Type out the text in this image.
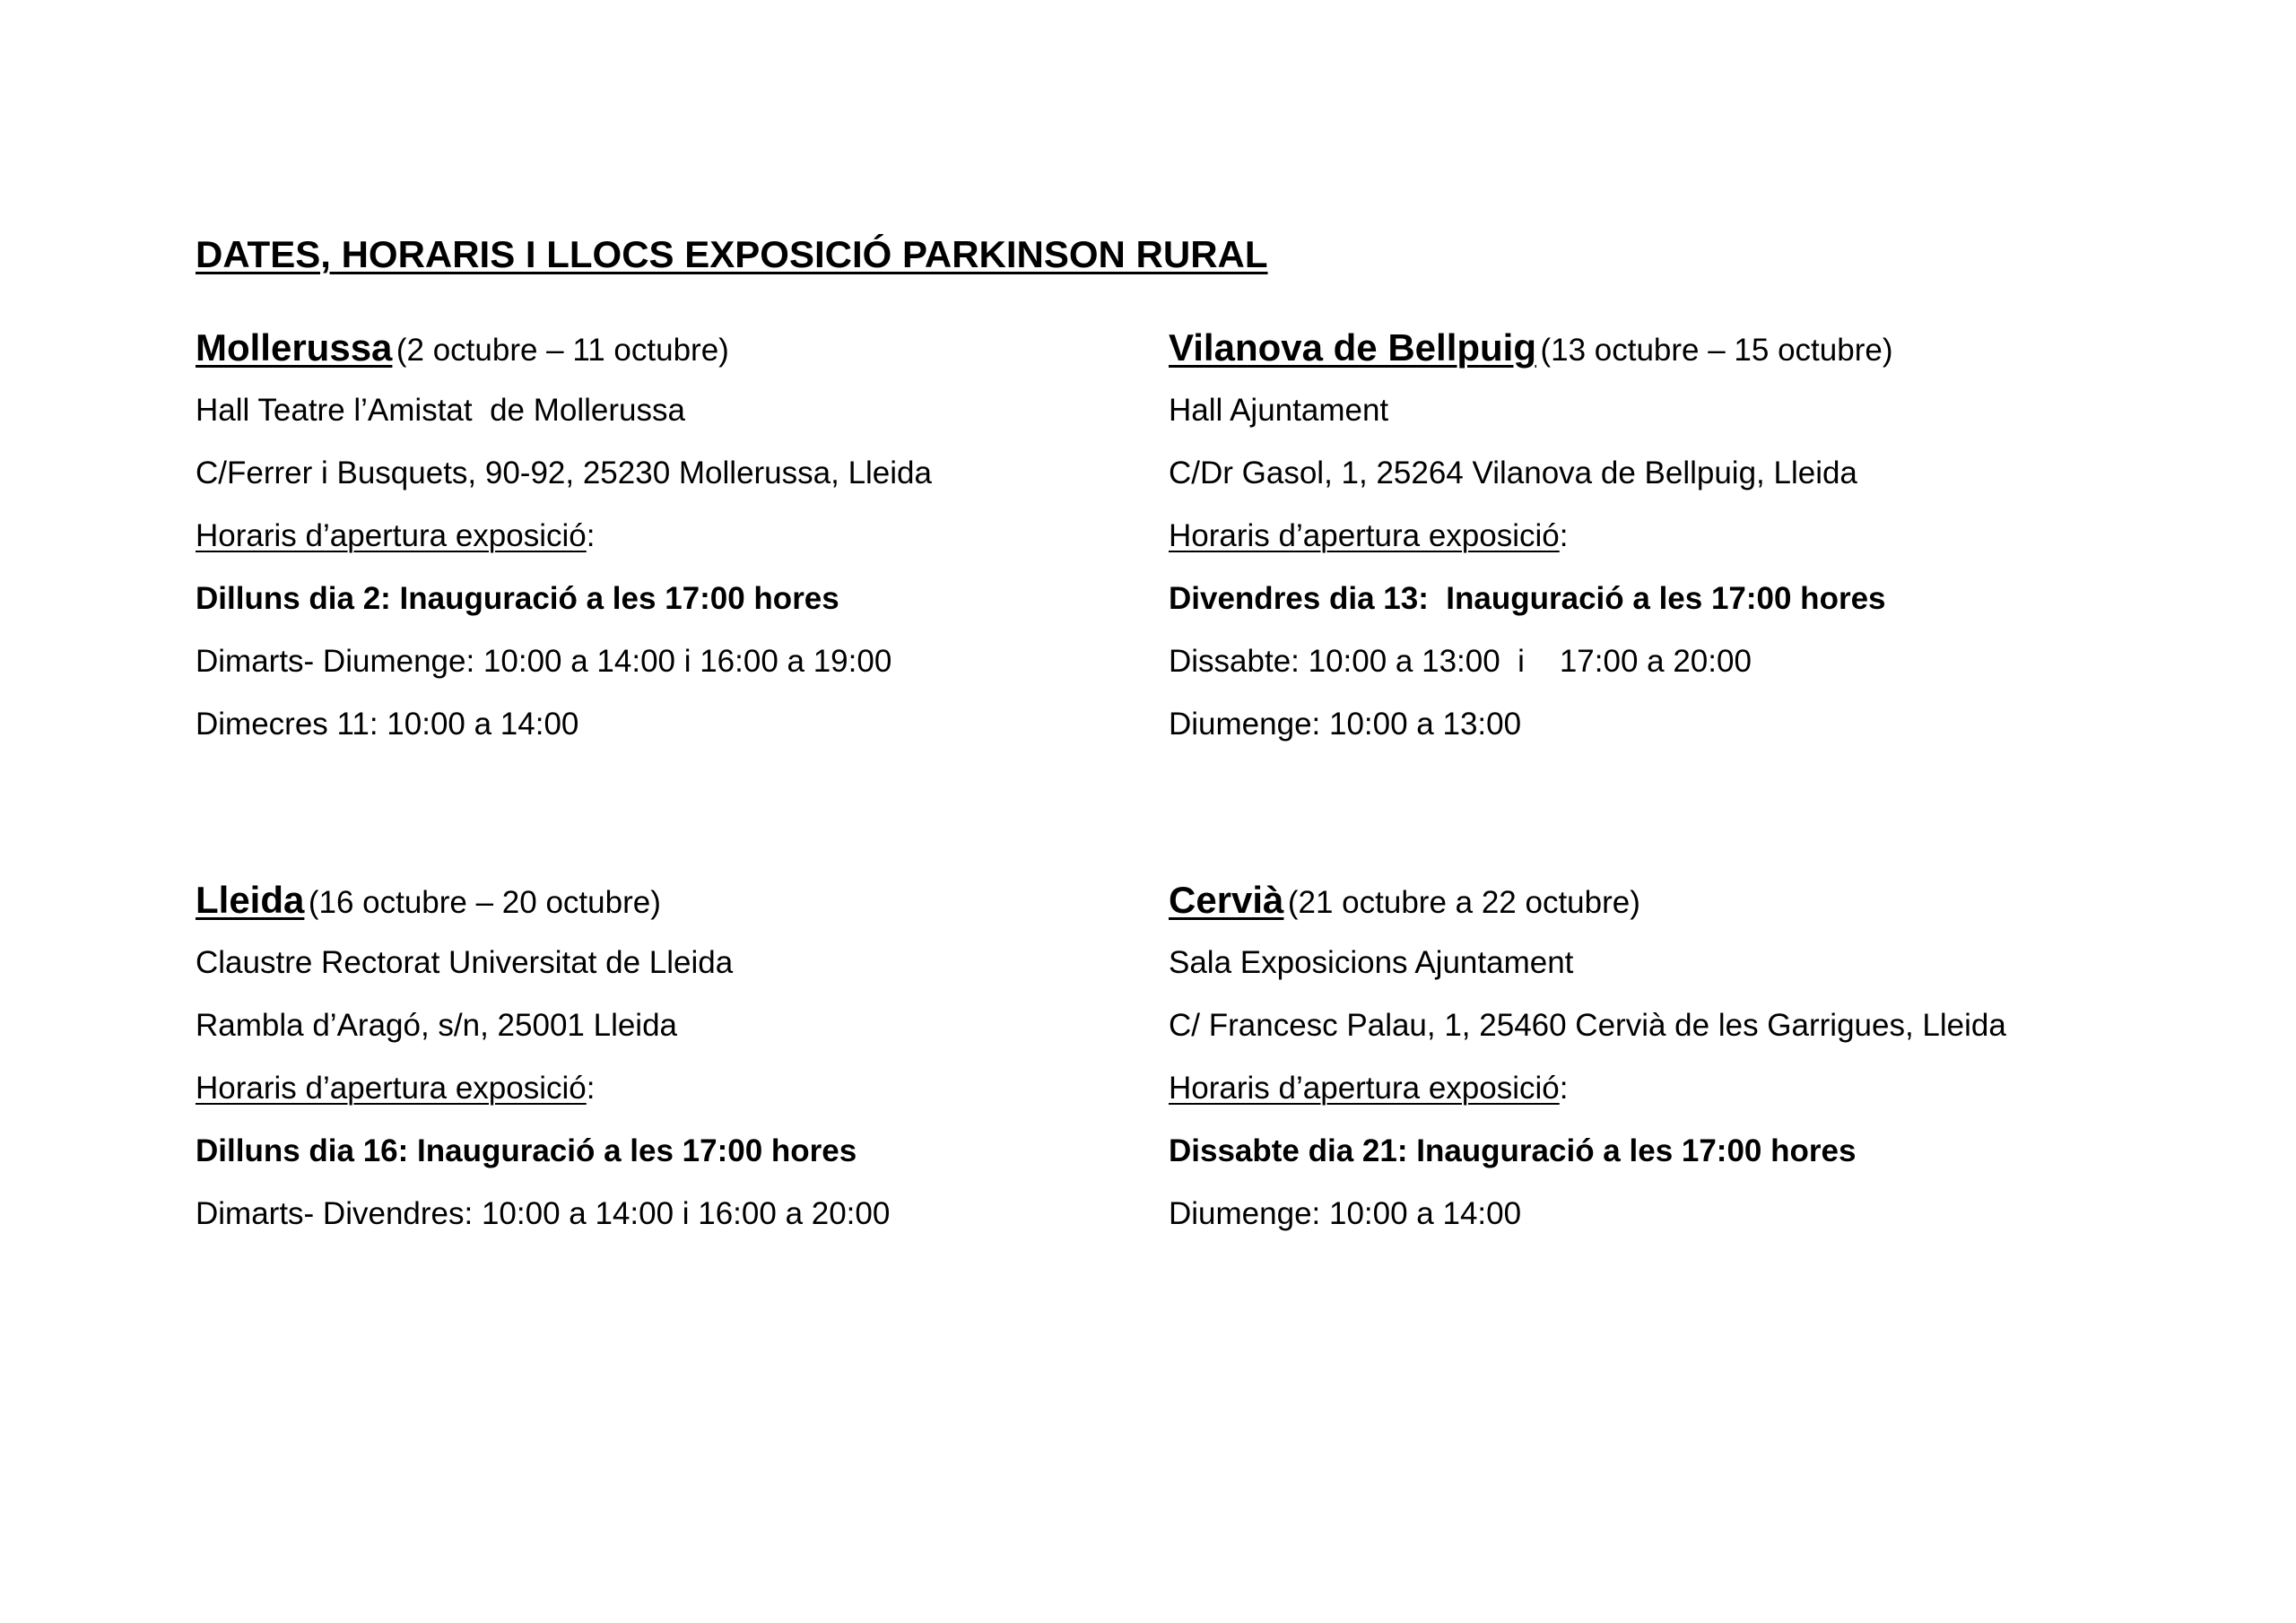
DATES, HORARIS I LLOCS EXPOSICIÓ PARKINSON RURAL
Mollerussa (2 octubre – 11 octubre)
Hall Teatre l’Amistat  de Mollerussa
C/Ferrer i Busquets, 90-92, 25230 Mollerussa, Lleida
Horaris d’apertura exposició:
Dilluns dia 2: Inauguració a les 17:00 hores
Dimarts- Diumenge: 10:00 a 14:00 i 16:00 a 19:00
Dimecres 11: 10:00 a 14:00
Vilanova de Bellpuig (13 octubre – 15 octubre)
Hall Ajuntament
C/Dr Gasol, 1, 25264 Vilanova de Bellpuig, Lleida
Horaris d’apertura exposició:
Divendres dia 13:  Inauguració a les 17:00 hores
Dissabte: 10:00 a 13:00  i    17:00 a 20:00
Diumenge: 10:00 a 13:00
Lleida (16 octubre – 20 octubre)
Claustre Rectorat Universitat de Lleida
Rambla d’Aragó, s/n, 25001 Lleida
Horaris d’apertura exposició:
Dilluns dia 16: Inauguració a les 17:00 hores
Dimarts- Divendres: 10:00 a 14:00 i 16:00 a 20:00
Cervià (21 octubre a 22 octubre)
Sala Exposicions Ajuntament
C/ Francesc Palau, 1, 25460 Cervià de les Garrigues, Lleida
Horaris d’apertura exposició:
Dissabte dia 21: Inauguració a les 17:00 hores
Diumenge: 10:00 a 14:00
